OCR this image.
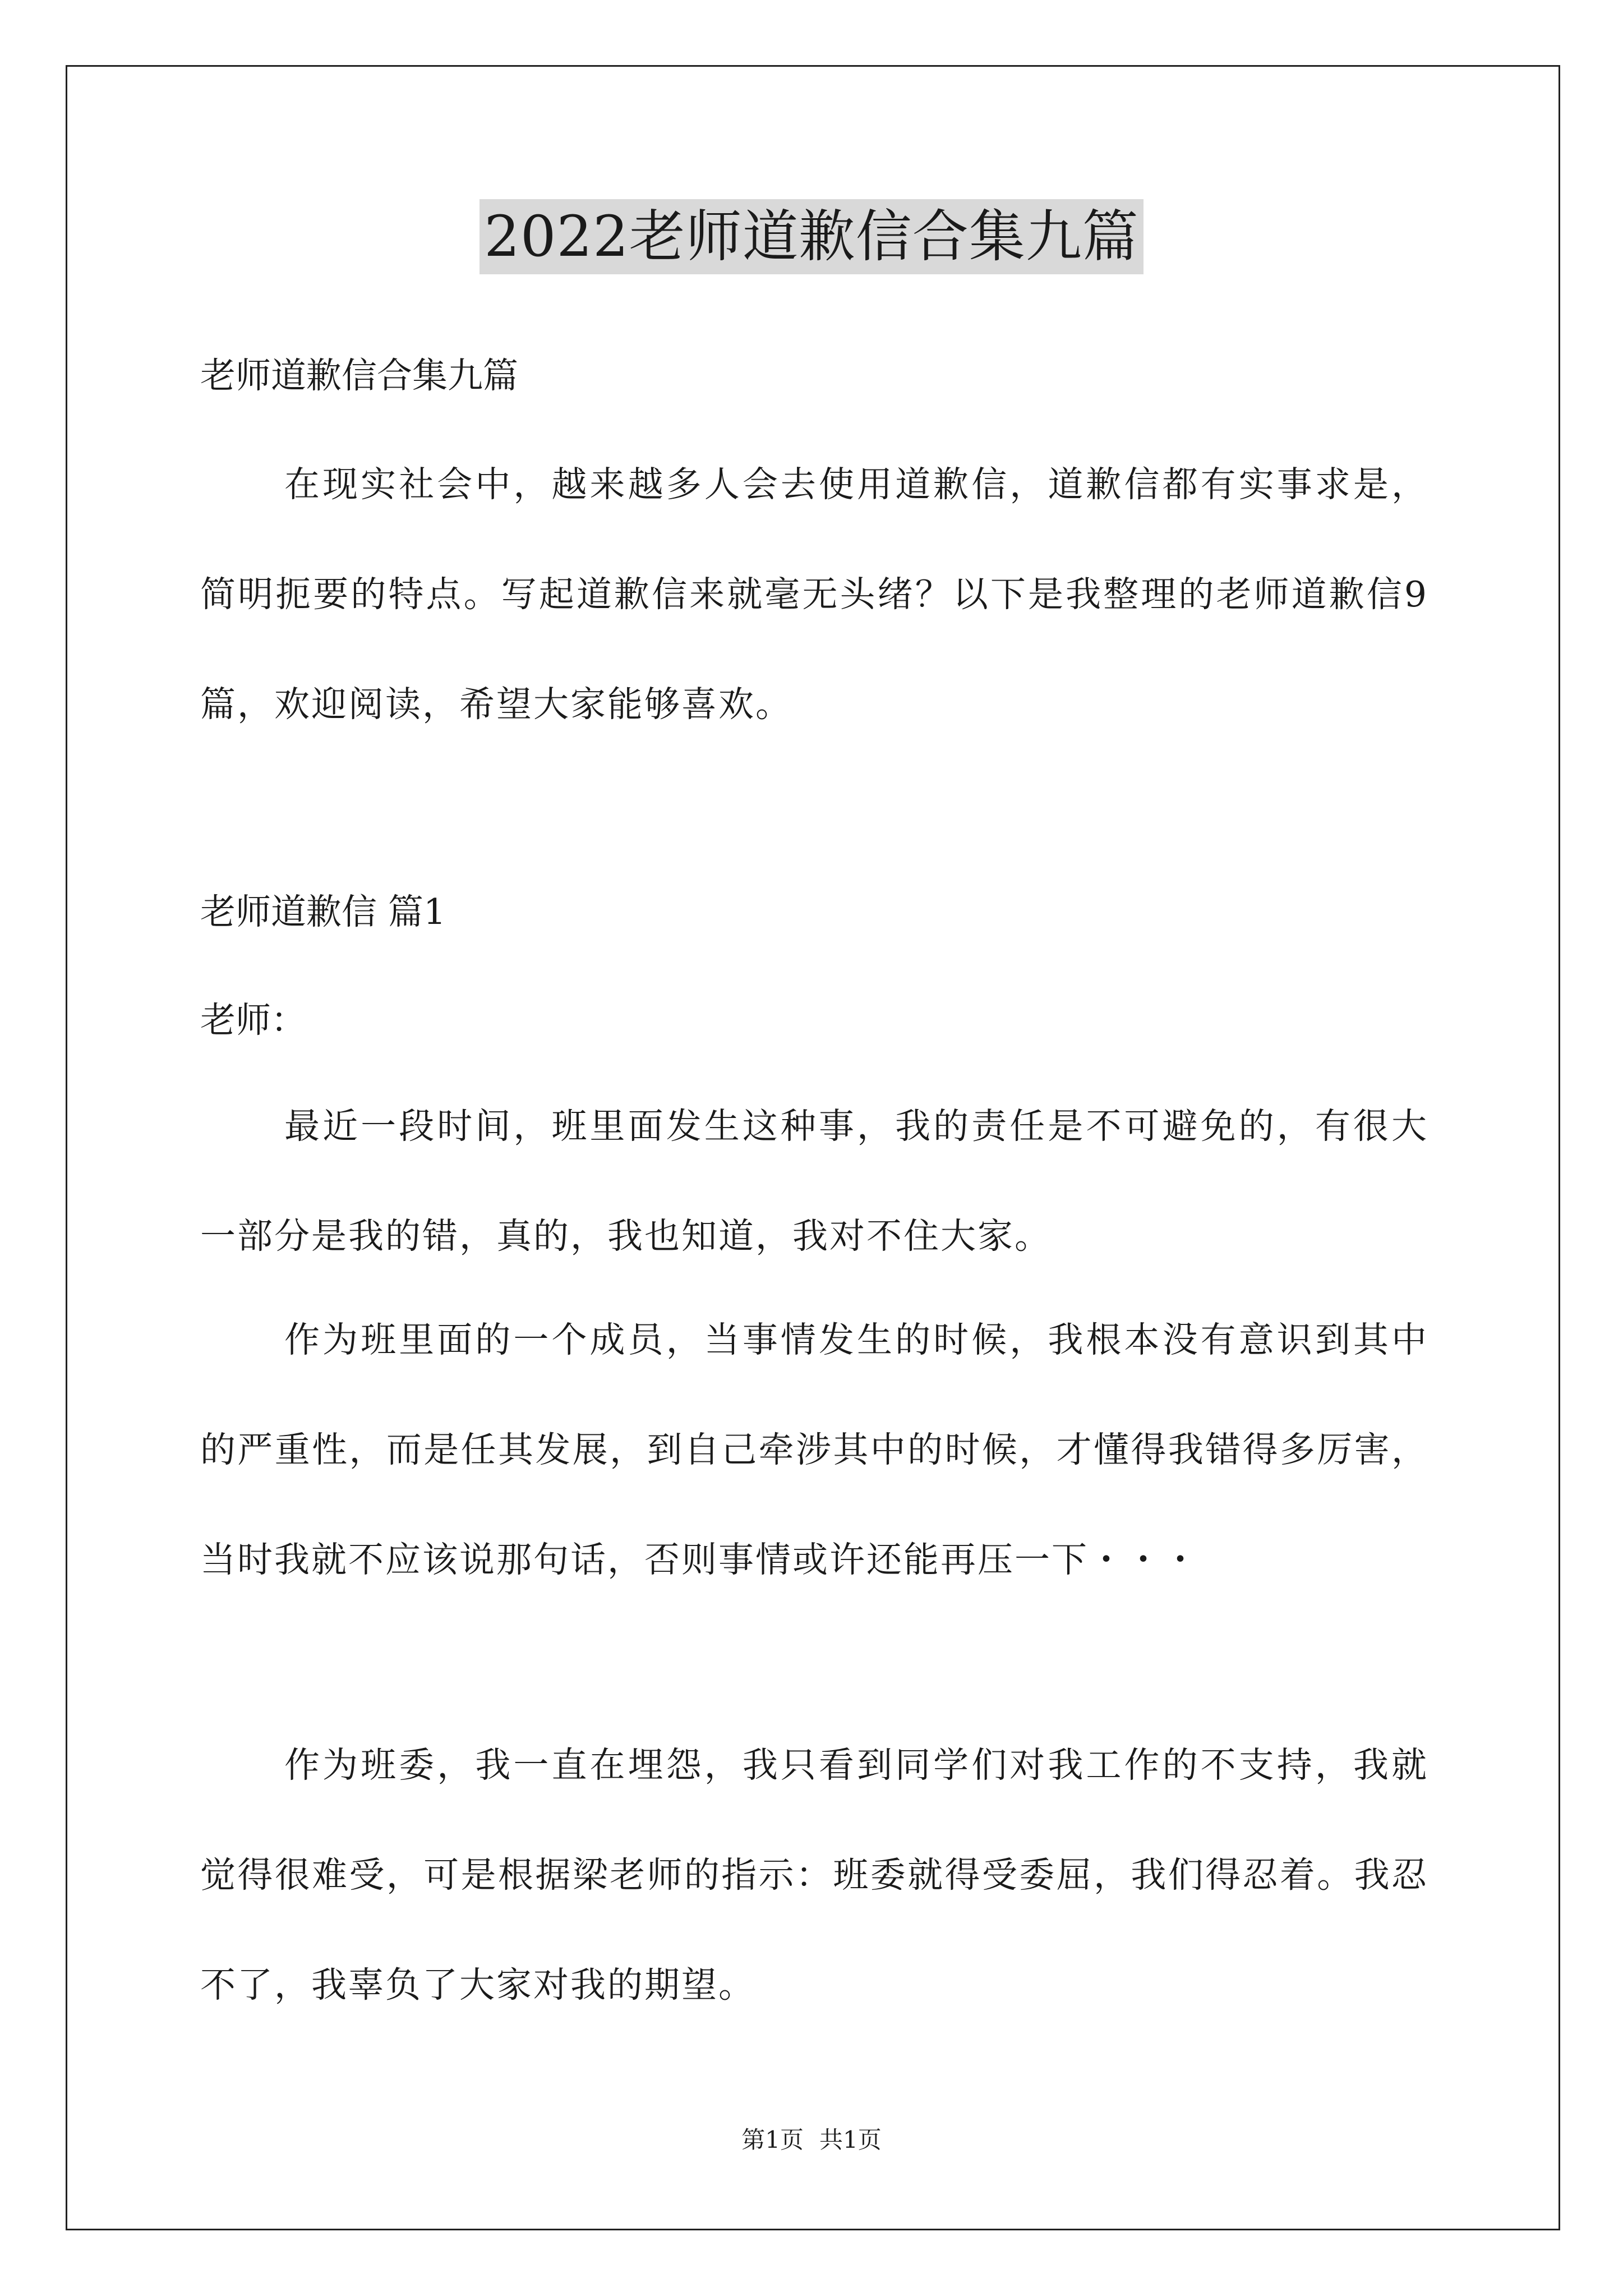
2022老师道歉信合集九篇
老师道歉信合集九篇
在现实社会中，越来越多人会去使用道歉信，道歉信都有实事求是，简明扼要的特点。写起道歉信来就毫无头绪？以下是我整理的老师道歉信9篇，欢迎阅读，希望大家能够喜欢。
老师道歉信 篇1
老师：
最近一段时间，班里面发生这种事，我的责任是不可避免的，有很大一部分是我的错，真的，我也知道，我对不住大家。
作为班里面的一个成员，当事情发生的时候，我根本没有意识到其中的严重性，而是任其发展，到自己牵涉其中的时候，才懂得我错得多厉害，当时我就不应该说那句话，否则事情或许还能再压一下・・・
作为班委，我一直在埋怨，我只看到同学们对我工作的不支持，我就觉得很难受，可是根据梁老师的指示：班委就得受委屈，我们得忍着。我忍不了，我辜负了大家对我的期望。
第1页 共1页
